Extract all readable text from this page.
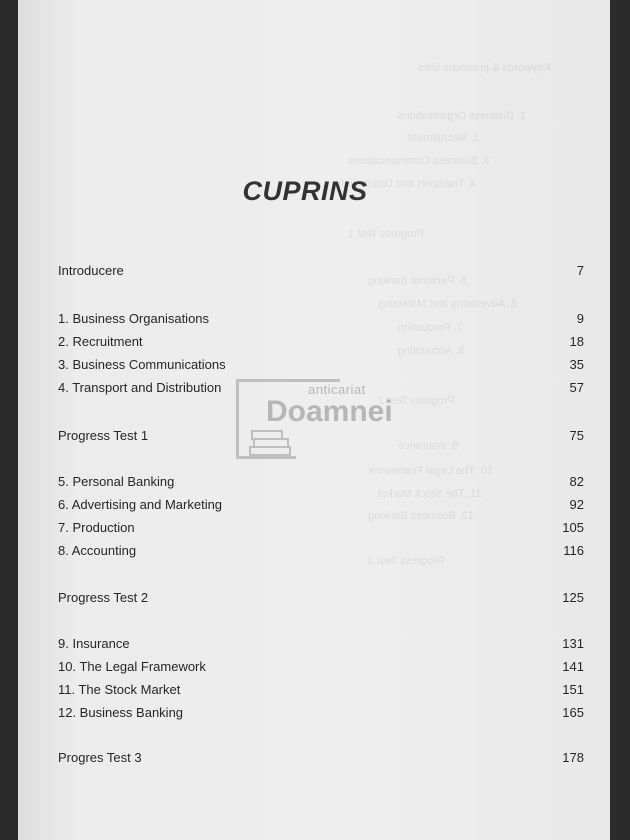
Keywords & pronouns links
1. Business Organisations
2. Recruitment
3. Business Communications
4. Transport and Distribution
Progress Test 1
5. Personal Banking
6. Advertising and Marketing
7. Production
8. Accounting
Progress Test 2
9. Insurance
10. The Legal Framework
11. The Stock Market
12. Business Banking
Progress Test 3
CUPRINS
Introducere	7
1. Business Organisations	9
2. Recruitment	18
3. Business Communications	35
4. Transport and Distribution	57
Progress Test 1	75
5. Personal Banking	82
6. Advertising and Marketing	92
7. Production	105
8. Accounting	116
Progress Test 2	125
9. Insurance	131
10. The Legal Framework	141
11. The Stock Market	151
12. Business Banking	165
Progres Test 3	178
anticariat
Doamnei
